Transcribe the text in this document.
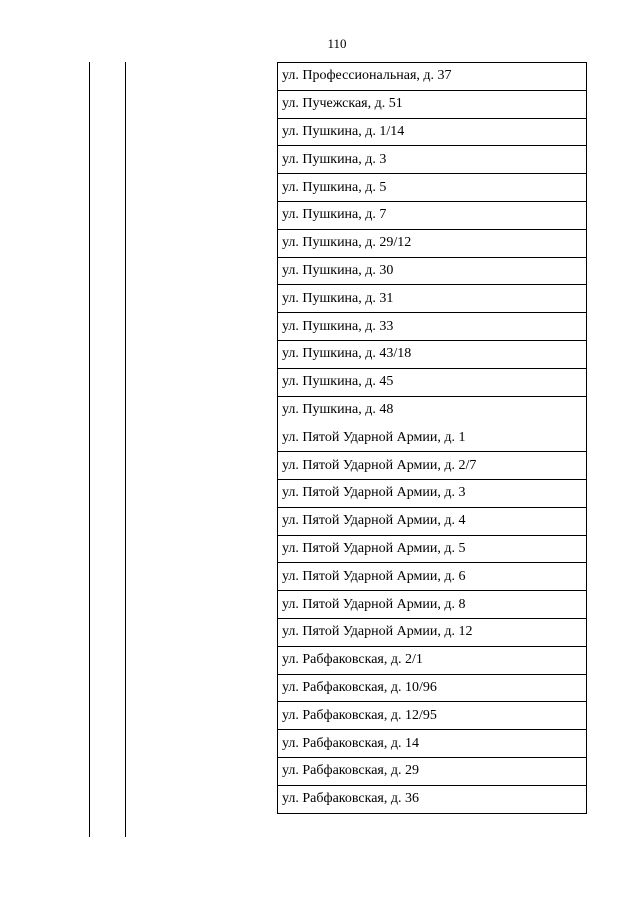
110
ул. Профессиональная, д. 37
ул. Пучежская, д. 51
ул. Пушкина, д. 1/14
ул. Пушкина, д. 3
ул. Пушкина, д. 5
ул. Пушкина, д. 7
ул. Пушкина, д. 29/12
ул. Пушкина, д. 30
ул. Пушкина, д. 31
ул. Пушкина, д. 33
ул. Пушкина, д. 43/18
ул. Пушкина, д. 45
ул. Пушкина, д. 48
ул. Пятой Ударной Армии, д. 1
ул. Пятой Ударной Армии, д. 2/7
ул. Пятой Ударной Армии, д. 3
ул. Пятой Ударной Армии, д. 4
ул. Пятой Ударной Армии, д. 5
ул. Пятой Ударной Армии, д. 6
ул. Пятой Ударной Армии, д. 8
ул. Пятой Ударной Армии, д. 12
ул. Рабфаковская, д. 2/1
ул. Рабфаковская, д. 10/96
ул. Рабфаковская, д. 12/95
ул. Рабфаковская, д. 14
ул. Рабфаковская, д. 29
ул. Рабфаковская, д. 36
